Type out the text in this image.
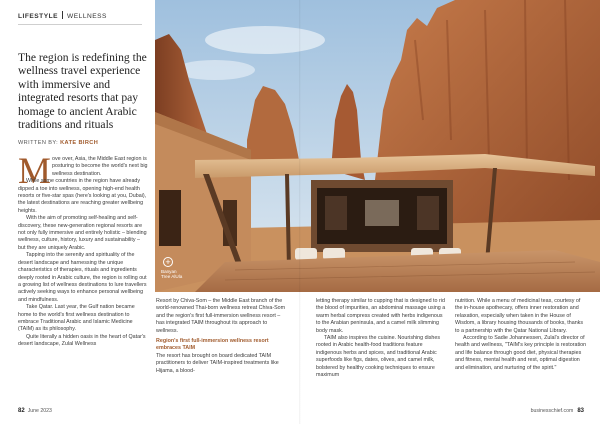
LIFESTYLE WELLNESS
The region is redefining the wellness travel experience with immersive and integrated resorts that pay homage to ancient Arabic traditions and rituals
WRITTEN BY: KATE BIRCH
M ove over, Asia, the Middle East region is posturing to become the world's next big wellness destination.

While some countries in the region have already dipped a toe into wellness, opening high-end health resorts or five-star spas (here's looking at you, Dubai), the latest destinations are reaching greater wellbeing heights.

With the aim of promoting self-healing and self-discovery, these new-generation regional resorts are not only fully immersive and entirely holistic – blending wellness, culture, history, luxury and sustainability – but they are uniquely Arabic.

Tapping into the serenity and spirituality of the desert landscape and harnessing the unique characteristics of therapies, rituals and ingredients deeply rooted in Arabic culture, the region is rolling out a growing list of wellness destinations to lure travellers actively seeking ways to enhance personal wellbeing and mindfulness.

Take Qatar. Last year, the Gulf nation became home to the world's first wellness destination to embrace Traditional Arabic and Islamic Medicine (TAIM) as its philosophy.

Quite literally a hidden oasis in the heart of Qatar's desert landscape, Zulal Wellness

Resort by Chiva-Som – the Middle East branch of the world-renowned Thai-born wellness retreat Chiva-Som and the region's first full-immersion wellness resort – has integrated TAIM throughout its approach to wellness.

Region's first full-immersion wellness resort embraces TAIM

The resort has brought on board dedicated TAIM practitioners to deliver TAIM-inspired treatments like Hijama, a blood-

+
Banyan
Tree AlUla

letting therapy similar to cupping that is designed to rid the blood of impurities, an abdominal massage using a warm herbal compress created with herbs indigenous to the Arabian peninsula, and a camel milk slimming body mask.

TAIM also inspires the cuisine. Nourishing dishes rooted in Arabic health-food traditions feature indigenous herbs and spices, and traditional Arabic superfoods like figs, dates, olives, and camel milk, bolstered by healthy cooking techniques to ensure maximum

nutrition. While a menu of medicinal teas, courtesy of the in-house apothecary, offers inner restoration and relaxation, especially when taken in the House of Wisdom, a library housing thousands of books, thanks to a partnership with the Qatar National Library.

According to Sadie Johannessen, Zulal's director of health and wellness, "TAIM's key principle is restoration and life balance through good diet, physical therapies and fitness, mental health and rest, optimal digestion and elimination, and nurturing of the spirit."

82 June 2023	businesschief.com 83
